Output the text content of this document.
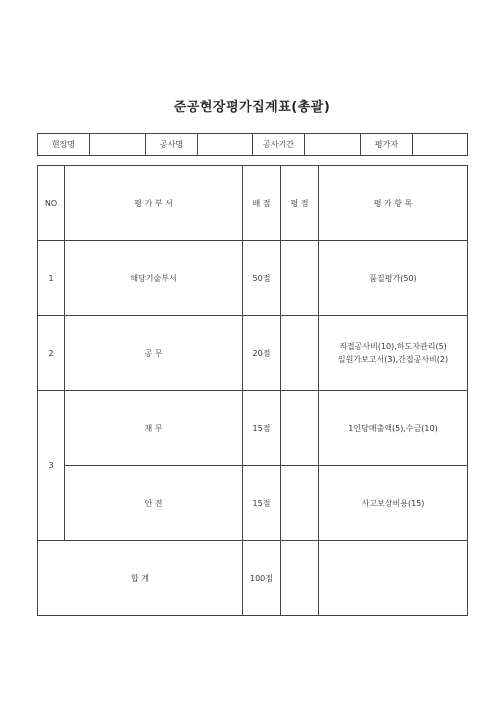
준공현장평가집계표(총괄)
현장명		공사명		공사기간		평가자	
NO	평 가 부 서	배 점	평 점	평 가 항 목
1	해당기술부서	50점		품질평가(50)
2	공 무	20점		직접공사비(10),하도자관리(5)
일원가보고서(3),간접공사비(2)

3	재 무	15점		1인당매출액(5),수금(10)
	안 전	15점		사고보상비용(15)
합 계		100점		
